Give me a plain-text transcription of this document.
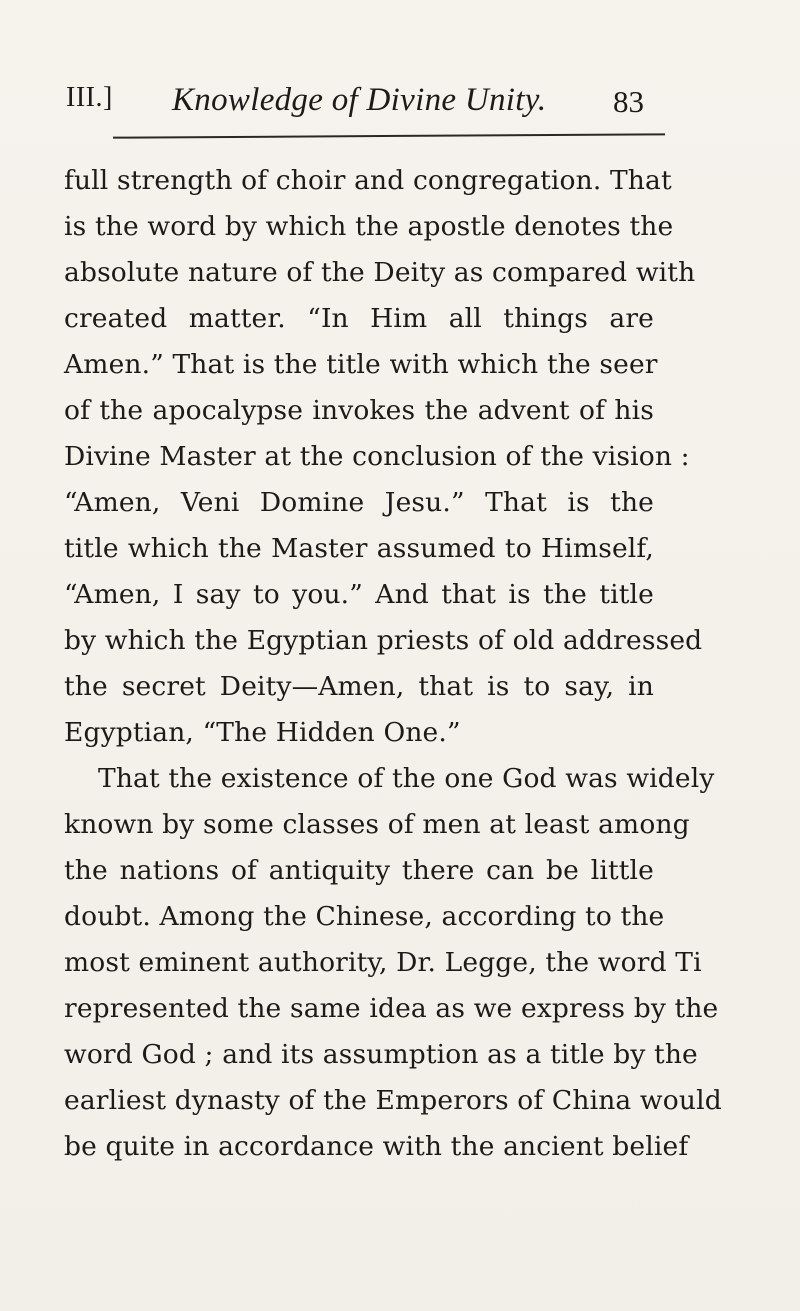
III.] Knowledge of Divine Unity. 83
full strength of choir and congregation. That
is the word by which the apostle denotes the
absolute nature of the Deity as compared with
created matter. “In Him all things are
Amen.” That is the title with which the seer
of the apocalypse invokes the advent of his
Divine Master at the conclusion of the vision :
“Amen, Veni Domine Jesu.” That is the
title which the Master assumed to Himself,
“Amen, I say to you.” And that is the title
by which the Egyptian priests of old addressed
the secret Deity—Amen, that is to say, in
Egyptian, “The Hidden One.”
That the existence of the one God was widely
known by some classes of men at least among
the nations of antiquity there can be little
doubt. Among the Chinese, according to the
most eminent authority, Dr. Legge, the word Ti
represented the same idea as we express by the
word God ; and its assumption as a title by the
earliest dynasty of the Emperors of China would
be quite in accordance with the ancient belief
